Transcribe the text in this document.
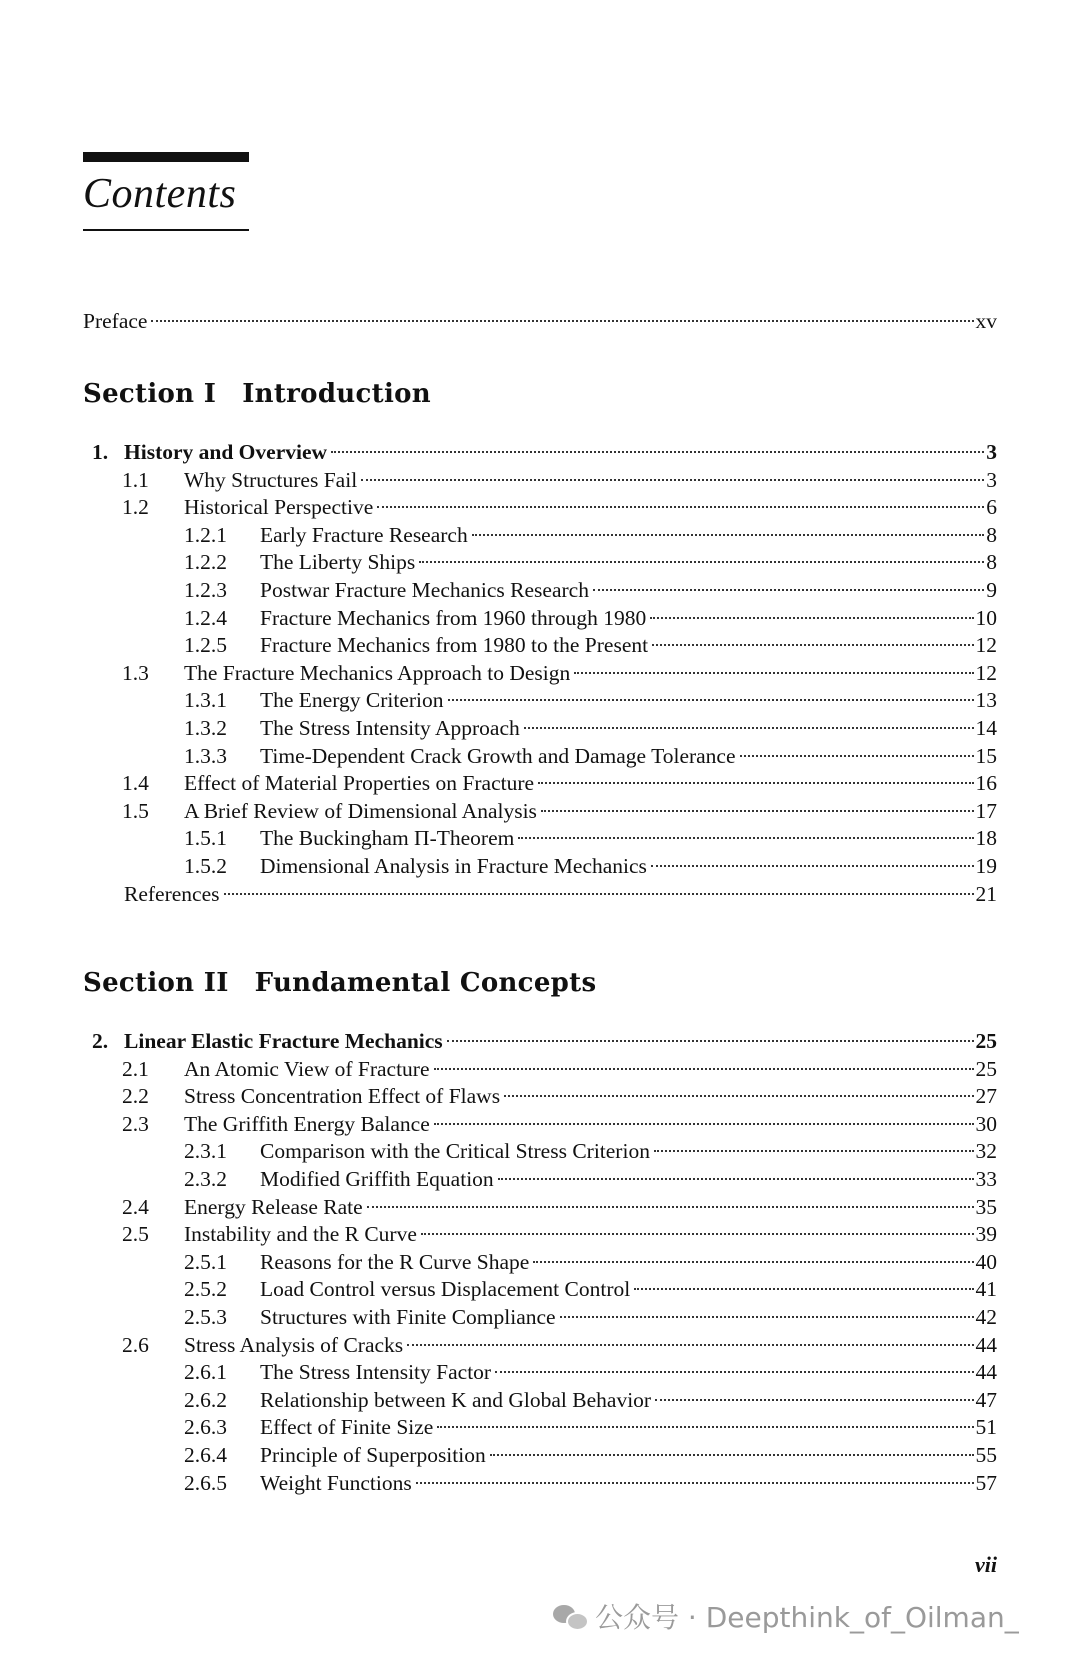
Contents
Preface	xv
Section I Introduction
1. History and Overview	3
1.1	Why Structures Fail	3
1.2	Historical Perspective	6
1.2.1	Early Fracture Research	8
1.2.2	The Liberty Ships	8
1.2.3	Postwar Fracture Mechanics Research	9
1.2.4	Fracture Mechanics from 1960 through 1980	10
1.2.5	Fracture Mechanics from 1980 to the Present	12
1.3	The Fracture Mechanics Approach to Design	12
1.3.1	The Energy Criterion	13
1.3.2	The Stress Intensity Approach	14
1.3.3	Time-Dependent Crack Growth and Damage Tolerance	15
1.4	Effect of Material Properties on Fracture	16
1.5	A Brief Review of Dimensional Analysis	17
1.5.1	The Buckingham Π-Theorem	18
1.5.2	Dimensional Analysis in Fracture Mechanics	19
References	21
Section II Fundamental Concepts
2. Linear Elastic Fracture Mechanics	25
2.1	An Atomic View of Fracture	25
2.2	Stress Concentration Effect of Flaws	27
2.3	The Griffith Energy Balance	30
2.3.1	Comparison with the Critical Stress Criterion	32
2.3.2	Modified Griffith Equation	33
2.4	Energy Release Rate	35
2.5	Instability and the R Curve	39
2.5.1	Reasons for the R Curve Shape	40
2.5.2	Load Control versus Displacement Control	41
2.5.3	Structures with Finite Compliance	42
2.6	Stress Analysis of Cracks	44
2.6.1	The Stress Intensity Factor	44
2.6.2	Relationship between K and Global Behavior	47
2.6.3	Effect of Finite Size	51
2.6.4	Principle of Superposition	55
2.6.5	Weight Functions	57
vii
公众号 · Deepthink_of_Oilman_
